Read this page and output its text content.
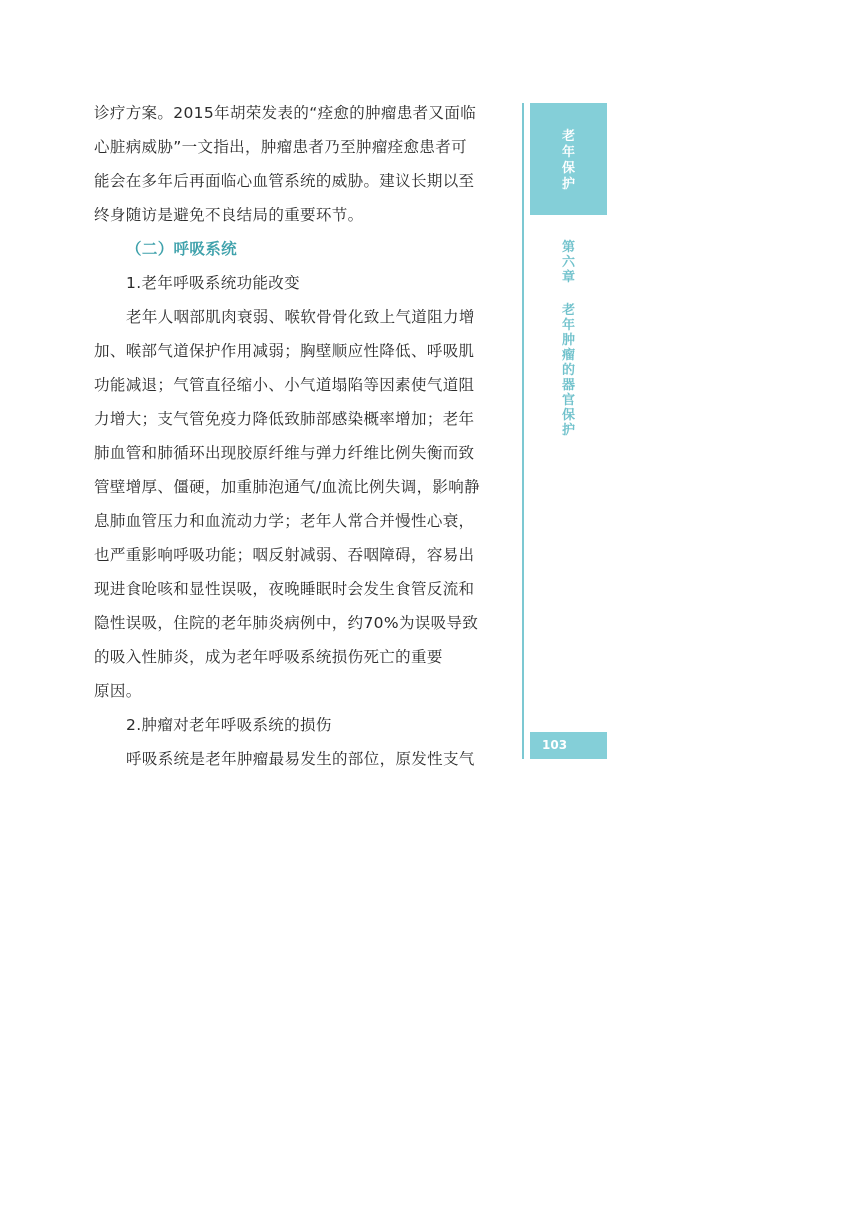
诊疗方案。2015年胡荣发表的“痊愈的肿瘤患者又面临
心脏病威胁”一文指出，肿瘤患者乃至肿瘤痊愈患者可
能会在多年后再面临心血管系统的威胁。建议长期以至
终身随访是避免不良结局的重要环节。
（二）呼吸系统
1.老年呼吸系统功能改变
老年人咽部肌肉衰弱、喉软骨骨化致上气道阻力增
加、喉部气道保护作用减弱；胸壁顺应性降低、呼吸肌
功能减退；气管直径缩小、小气道塌陷等因素使气道阻
力增大；支气管免疫力降低致肺部感染概率增加；老年
肺血管和肺循环出现胶原纤维与弹力纤维比例失衡而致
管壁增厚、僵硬，加重肺泡通气/血流比例失调，影响静
息肺血管压力和血流动力学；老年人常合并慢性心衰，
也严重影响呼吸功能；咽反射减弱、吞咽障碍，容易出
现进食呛咳和显性误吸，夜晚睡眠时会发生食管反流和
隐性误吸，住院的老年肺炎病例中，约70%为误吸导致
的吸入性肺炎，成为老年呼吸系统损伤死亡的重要
原因。
2.肿瘤对老年呼吸系统的损伤
呼吸系统是老年肿瘤最易发生的部位，原发性支气
老
年
保
护
第
六
章
老
年
肿
瘤
的
器
官
保
护
103
